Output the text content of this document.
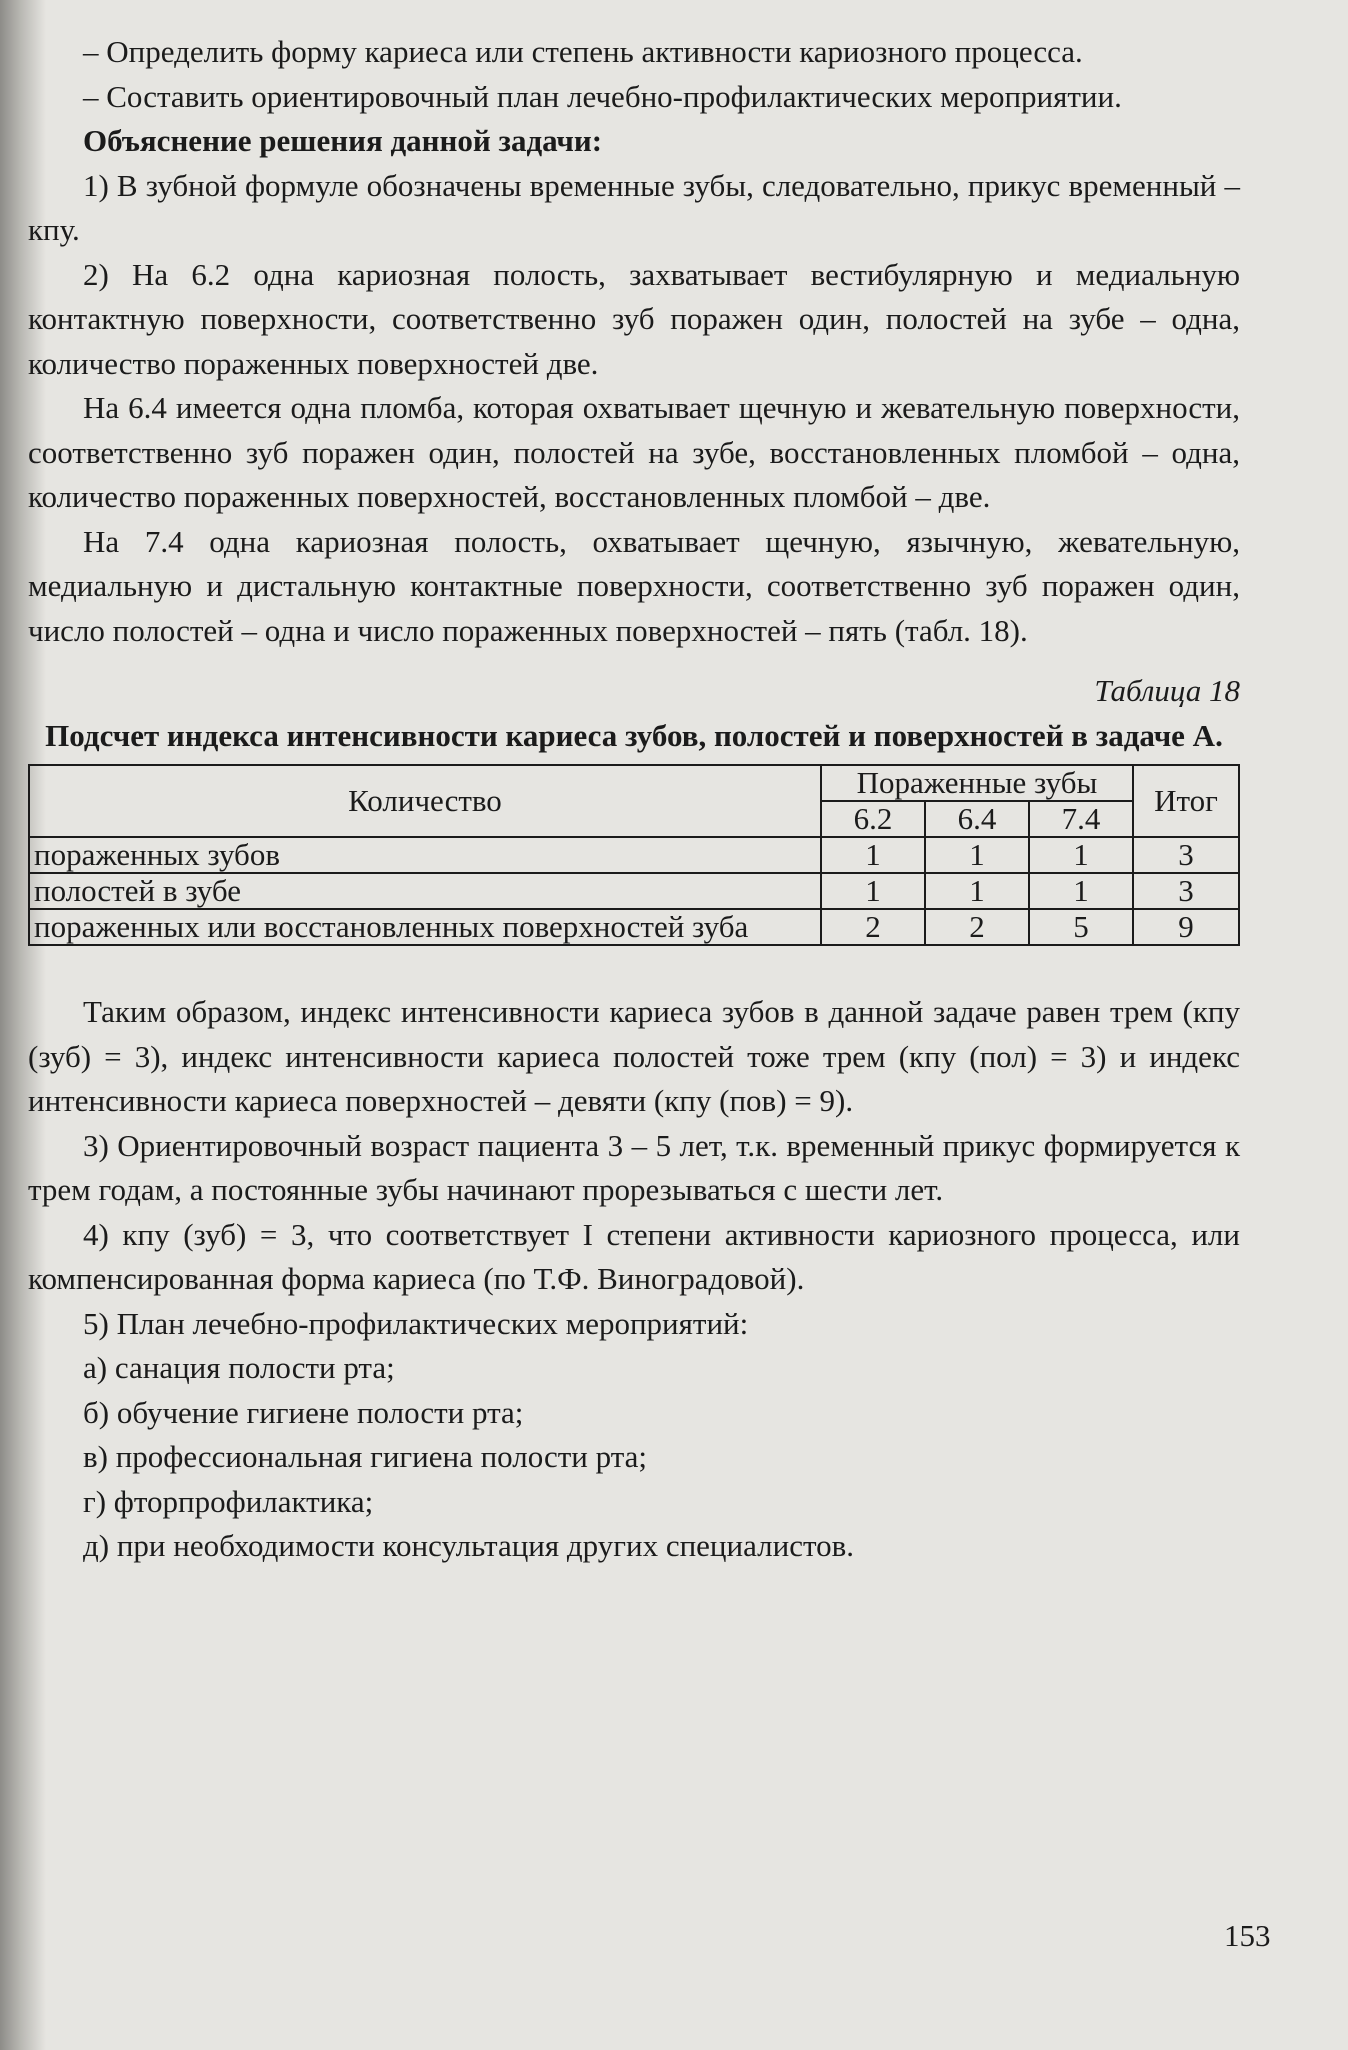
– Определить форму кариеса или степень активности кариозного процесса.

– Составить ориентировочный план лечебно-профилактических мероприятии.

Объяснение решения данной задачи:

1) В зубной формуле обозначены временные зубы, следовательно, прикус временный – кпу.

2) На 6.2 одна кариозная полость, захватывает вестибулярную и медиальную контактную поверхности, соответственно зуб поражен один, полостей на зубе – одна, количество пораженных поверхностей две.

На 6.4 имеется одна пломба, которая охватывает щечную и жевательную поверхности, соответственно зуб поражен один, полостей на зубе, восстановленных пломбой – одна, количество пораженных поверхностей, восстановленных пломбой – две.

На 7.4 одна кариозная полость, охватывает щечную, язычную, жевательную, медиальную и дистальную контактные поверхности, соответственно зуб поражен один, число полостей – одна и число пораженных поверхностей – пять (табл. 18).

Таблица 18

Подсчет индекса интенсивности кариеса зубов, полостей и поверхностей в задаче А.

Количество	Пораженные зубы			Итог
	6.2	6.4	7.4	
пораженных зубов	1	1	1	3
полостей в зубе	1	1	1	3
пораженных или восстановленных поверхностей зуба	2	2	5	9

Таким образом, индекс интенсивности кариеса зубов в данной задаче равен трем (кпу (зуб) = 3), индекс интенсивности кариеса полостей тоже трем (кпу (пол) = 3) и индекс интенсивности кариеса поверхностей – девяти (кпу (пов) = 9).

3) Ориентировочный возраст пациента 3 – 5 лет, т.к. временный прикус формируется к трем годам, а постоянные зубы начинают прорезываться с шести лет.

4) кпу (зуб) = 3, что соответствует I степени активности кариозного процесса, или компенсированная форма кариеса (по Т.Ф. Виноградовой).

5) План лечебно-профилактических мероприятий:

а) санация полости рта;

б) обучение гигиене полости рта;

в) профессиональная гигиена полости рта;

г) фторпрофилактика;

д) при необходимости консультация других специалистов.

153
